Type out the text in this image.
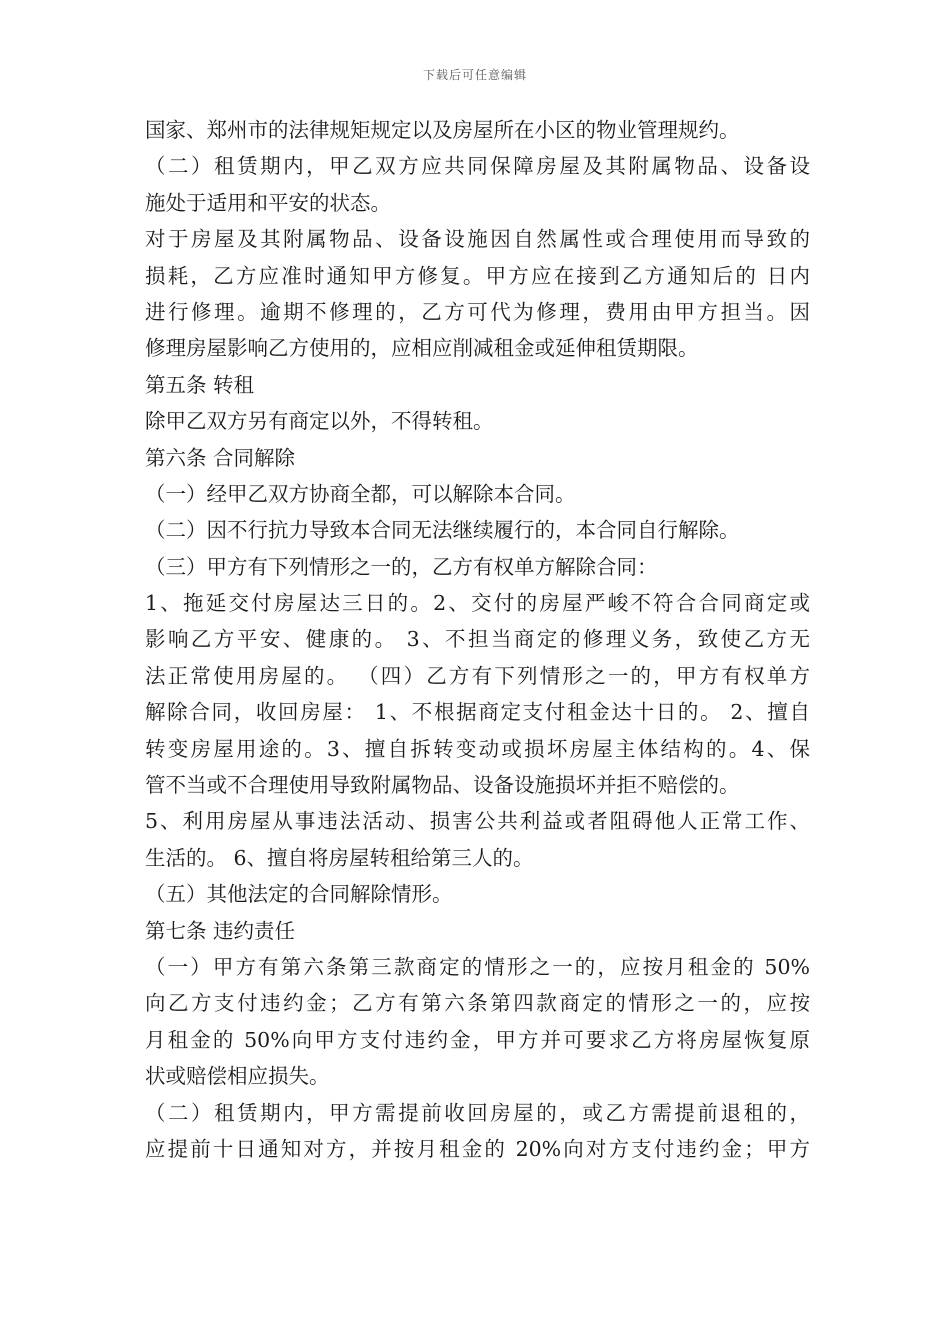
下载后可任意编辑
国家、郑州市的法律规矩规定以及房屋所在小区的物业管理规约。
（二）租赁期内，甲乙双方应共同保障房屋及其附属物品、设备设
施处于适用和平安的状态。
对于房屋及其附属物品、设备设施因自然属性或合理使用而导致的
损耗，乙方应准时通知甲方修复。甲方应在接到乙方通知后的 日内
进行修理。逾期不修理的，乙方可代为修理，费用由甲方担当。因
修理房屋影响乙方使用的，应相应削减租金或延伸租赁期限。
第五条 转租
除甲乙双方另有商定以外，不得转租。
第六条 合同解除
（一）经甲乙双方协商全都，可以解除本合同。
（二）因不行抗力导致本合同无法继续履行的，本合同自行解除。
（三）甲方有下列情形之一的，乙方有权单方解除合同：
1、拖延交付房屋达三日的。2、交付的房屋严峻不符合合同商定或
影响乙方平安、健康的。 3、不担当商定的修理义务，致使乙方无
法正常使用房屋的。 （四）乙方有下列情形之一的，甲方有权单方
解除合同，收回房屋： 1、不根据商定支付租金达十日的。 2、擅自
转变房屋用途的。3、擅自拆转变动或损坏房屋主体结构的。4、保
管不当或不合理使用导致附属物品、设备设施损坏并拒不赔偿的。
5、利用房屋从事违法活动、损害公共利益或者阻碍他人正常工作、
生活的。 6、擅自将房屋转租给第三人的。
（五）其他法定的合同解除情形。
第七条 违约责任
（一）甲方有第六条第三款商定的情形之一的，应按月租金的 50%
向乙方支付违约金；乙方有第六条第四款商定的情形之一的，应按
月租金的 50%向甲方支付违约金，甲方并可要求乙方将房屋恢复原
状或赔偿相应损失。
（二）租赁期内，甲方需提前收回房屋的，或乙方需提前退租的，
应提前十日通知对方，并按月租金的 20%向对方支付违约金；甲方
